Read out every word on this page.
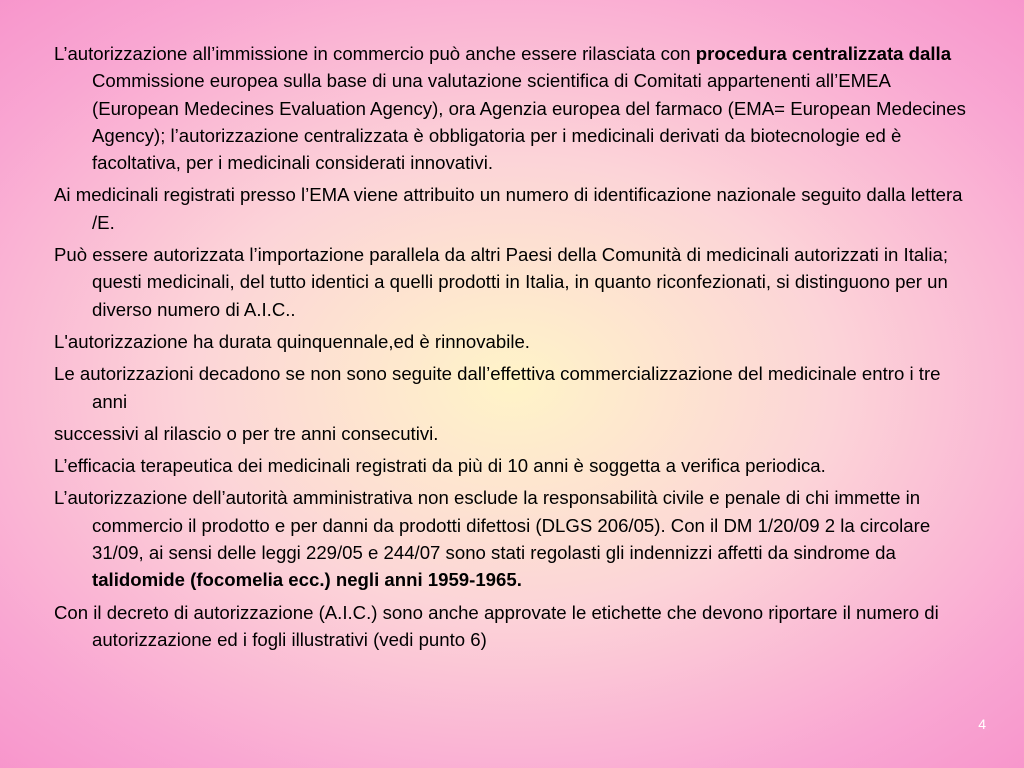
L’autorizzazione all’immissione in commercio può anche essere rilasciata con procedura centralizzata dalla Commissione europea sulla base di una valutazione scientifica di Comitati appartenenti all’EMEA (European Medecines Evaluation Agency), ora Agenzia europea del farmaco (EMA= European Medecines Agency); l’autorizzazione centralizzata è obbligatoria per i medicinali derivati da biotecnologie ed è facoltativa, per i medicinali considerati innovativi.

Ai medicinali registrati presso l’EMA viene attribuito un numero di identificazione nazionale seguito dalla lettera /E.

Può essere autorizzata l’importazione parallela da altri Paesi della Comunità di medicinali autorizzati in Italia; questi medicinali, del tutto identici a quelli prodotti in Italia, in quanto riconfezionati, si distinguono per un diverso numero di A.I.C..

L'autorizzazione ha durata quinquennale,ed è rinnovabile.

Le autorizzazioni decadono se non sono seguite dall’effettiva commercializzazione del medicinale entro i tre anni

successivi al rilascio o per tre anni consecutivi.

L’efficacia terapeutica dei medicinali registrati da più di 10 anni è soggetta a verifica periodica.

L’autorizzazione dell’autorità amministrativa non esclude la responsabilità civile e penale di chi immette in commercio il prodotto e per danni da prodotti difettosi (DLGS 206/05). Con il DM 1/20/09 2 la circolare 31/09, ai sensi delle leggi 229/05 e 244/07 sono stati regolasti gli indennizzi affetti da sindrome da talidomide (focomelia ecc.) negli anni 1959-1965.

Con il decreto di autorizzazione (A.I.C.) sono anche approvate le etichette che devono riportare il numero di autorizzazione ed i fogli illustrativi (vedi punto 6)

4
